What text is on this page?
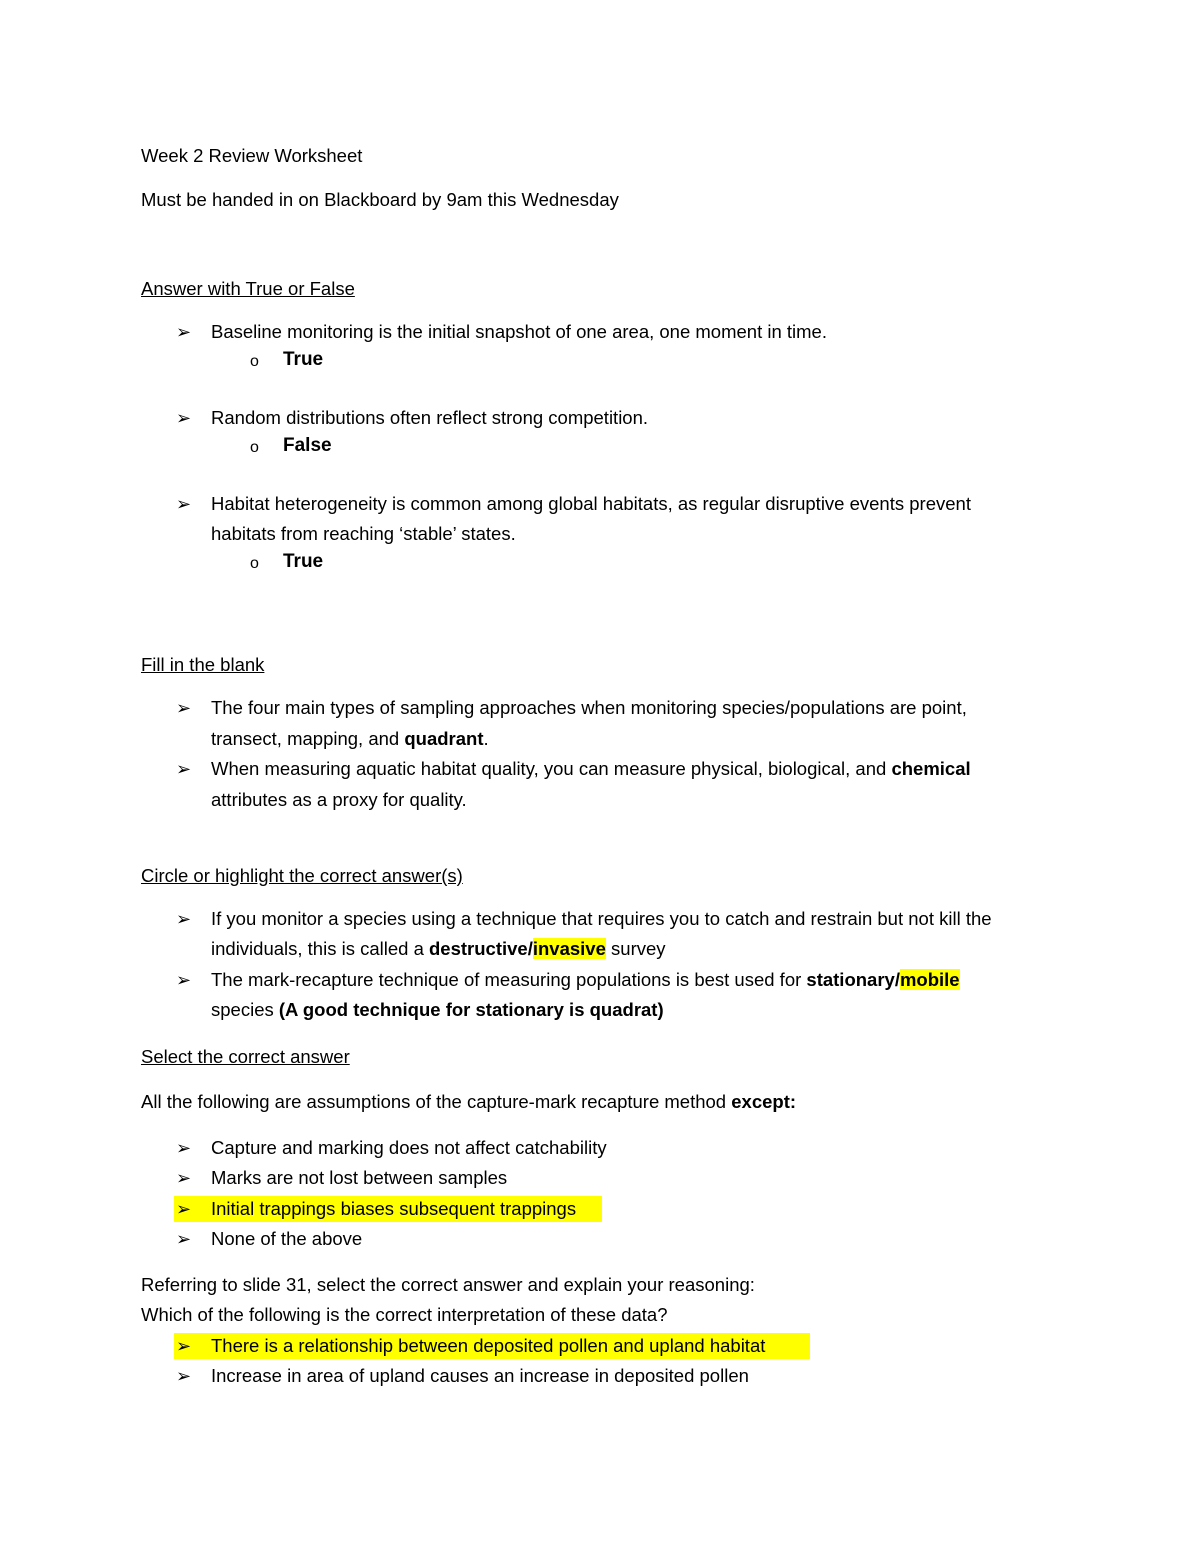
Week 2 Review Worksheet
Must be handed in on Blackboard by 9am this Wednesday
Answer with True or False
➢ Baseline monitoring is the initial snapshot of one area, one moment in time.
o True
➢ Random distributions often reflect strong competition.
o False
➢ Habitat heterogeneity is common among global habitats, as regular disruptive events prevent
habitats from reaching ‘stable’ states.
o True
Fill in the blank
➢ The four main types of sampling approaches when monitoring species/populations are point,
transect, mapping, and quadrant.
➢ When measuring aquatic habitat quality, you can measure physical, biological, and chemical
attributes as a proxy for quality.
Circle or highlight the correct answer(s)
➢ If you monitor a species using a technique that requires you to catch and restrain but not kill the
individuals, this is called a destructive/invasive survey
➢ The mark-recapture technique of measuring populations is best used for stationary/mobile
species (A good technique for stationary is quadrat)
Select the correct answer
All the following are assumptions of the capture-mark recapture method except:
➢ Capture and marking does not affect catchability
➢ Marks are not lost between samples
➢ Initial trappings biases subsequent trappings
➢ None of the above
Referring to slide 31, select the correct answer and explain your reasoning:
Which of the following is the correct interpretation of these data?
➢ There is a relationship between deposited pollen and upland habitat
➢ Increase in area of upland causes an increase in deposited pollen
